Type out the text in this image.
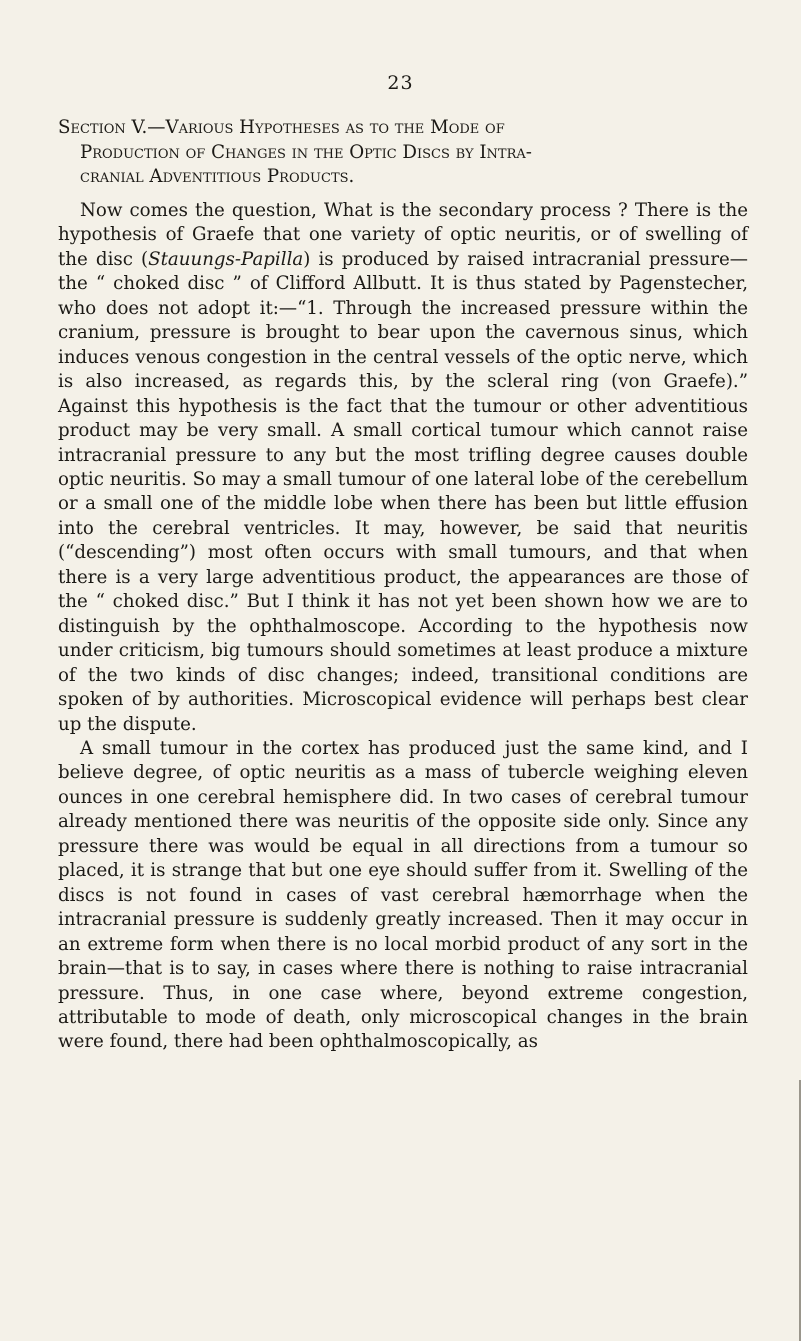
23
Section V.—Various Hypotheses as to the Mode of
Production of Changes in the Optic Discs by Intra-
cranial Adventitious Products.

Now comes the question, What is the secondary process ? There is the hypothesis of Graefe that one variety of optic neuritis, or of swelling of the disc (Stauungs-Papilla) is produced by raised intracranial pressure—the “ choked disc ” of Clifford Allbutt. It is thus stated by Pagenstecher, who does not adopt it:—“1. Through the increased pressure within the cranium, pressure is brought to bear upon the cavernous sinus, which induces venous congestion in the central vessels of the optic nerve, which is also increased, as regards this, by the scleral ring (von Graefe).” Against this hypothesis is the fact that the tumour or other adventitious product may be very small. A small cortical tumour which cannot raise intracranial pressure to any but the most trifling degree causes double optic neuritis. So may a small tumour of one lateral lobe of the cerebellum or a small one of the middle lobe when there has been but little effusion into the cerebral ventricles. It may, however, be said that neuritis (“descending”) most often occurs with small tumours, and that when there is a very large adventitious product, the appearances are those of the “ choked disc.” But I think it has not yet been shown how we are to distinguish by the ophthalmoscope. According to the hypothesis now under criticism, big tumours should sometimes at least produce a mixture of the two kinds of disc changes; indeed, transitional conditions are spoken of by authorities. Microscopical evidence will perhaps best clear up the dispute.

A small tumour in the cortex has produced just the same kind, and I believe degree, of optic neuritis as a mass of tubercle weighing eleven ounces in one cerebral hemisphere did. In two cases of cerebral tumour already mentioned there was neuritis of the opposite side only. Since any pressure there was would be equal in all directions from a tumour so placed, it is strange that but one eye should suffer from it. Swelling of the discs is not found in cases of vast cerebral hæmorrhage when the intracranial pressure is suddenly greatly increased. Then it may occur in an extreme form when there is no local morbid product of any sort in the brain—that is to say, in cases where there is nothing to raise intracranial pressure. Thus, in one case where, beyond extreme congestion, attributable to mode of death, only microscopical changes in the brain were found, there had been ophthalmoscopically, as
